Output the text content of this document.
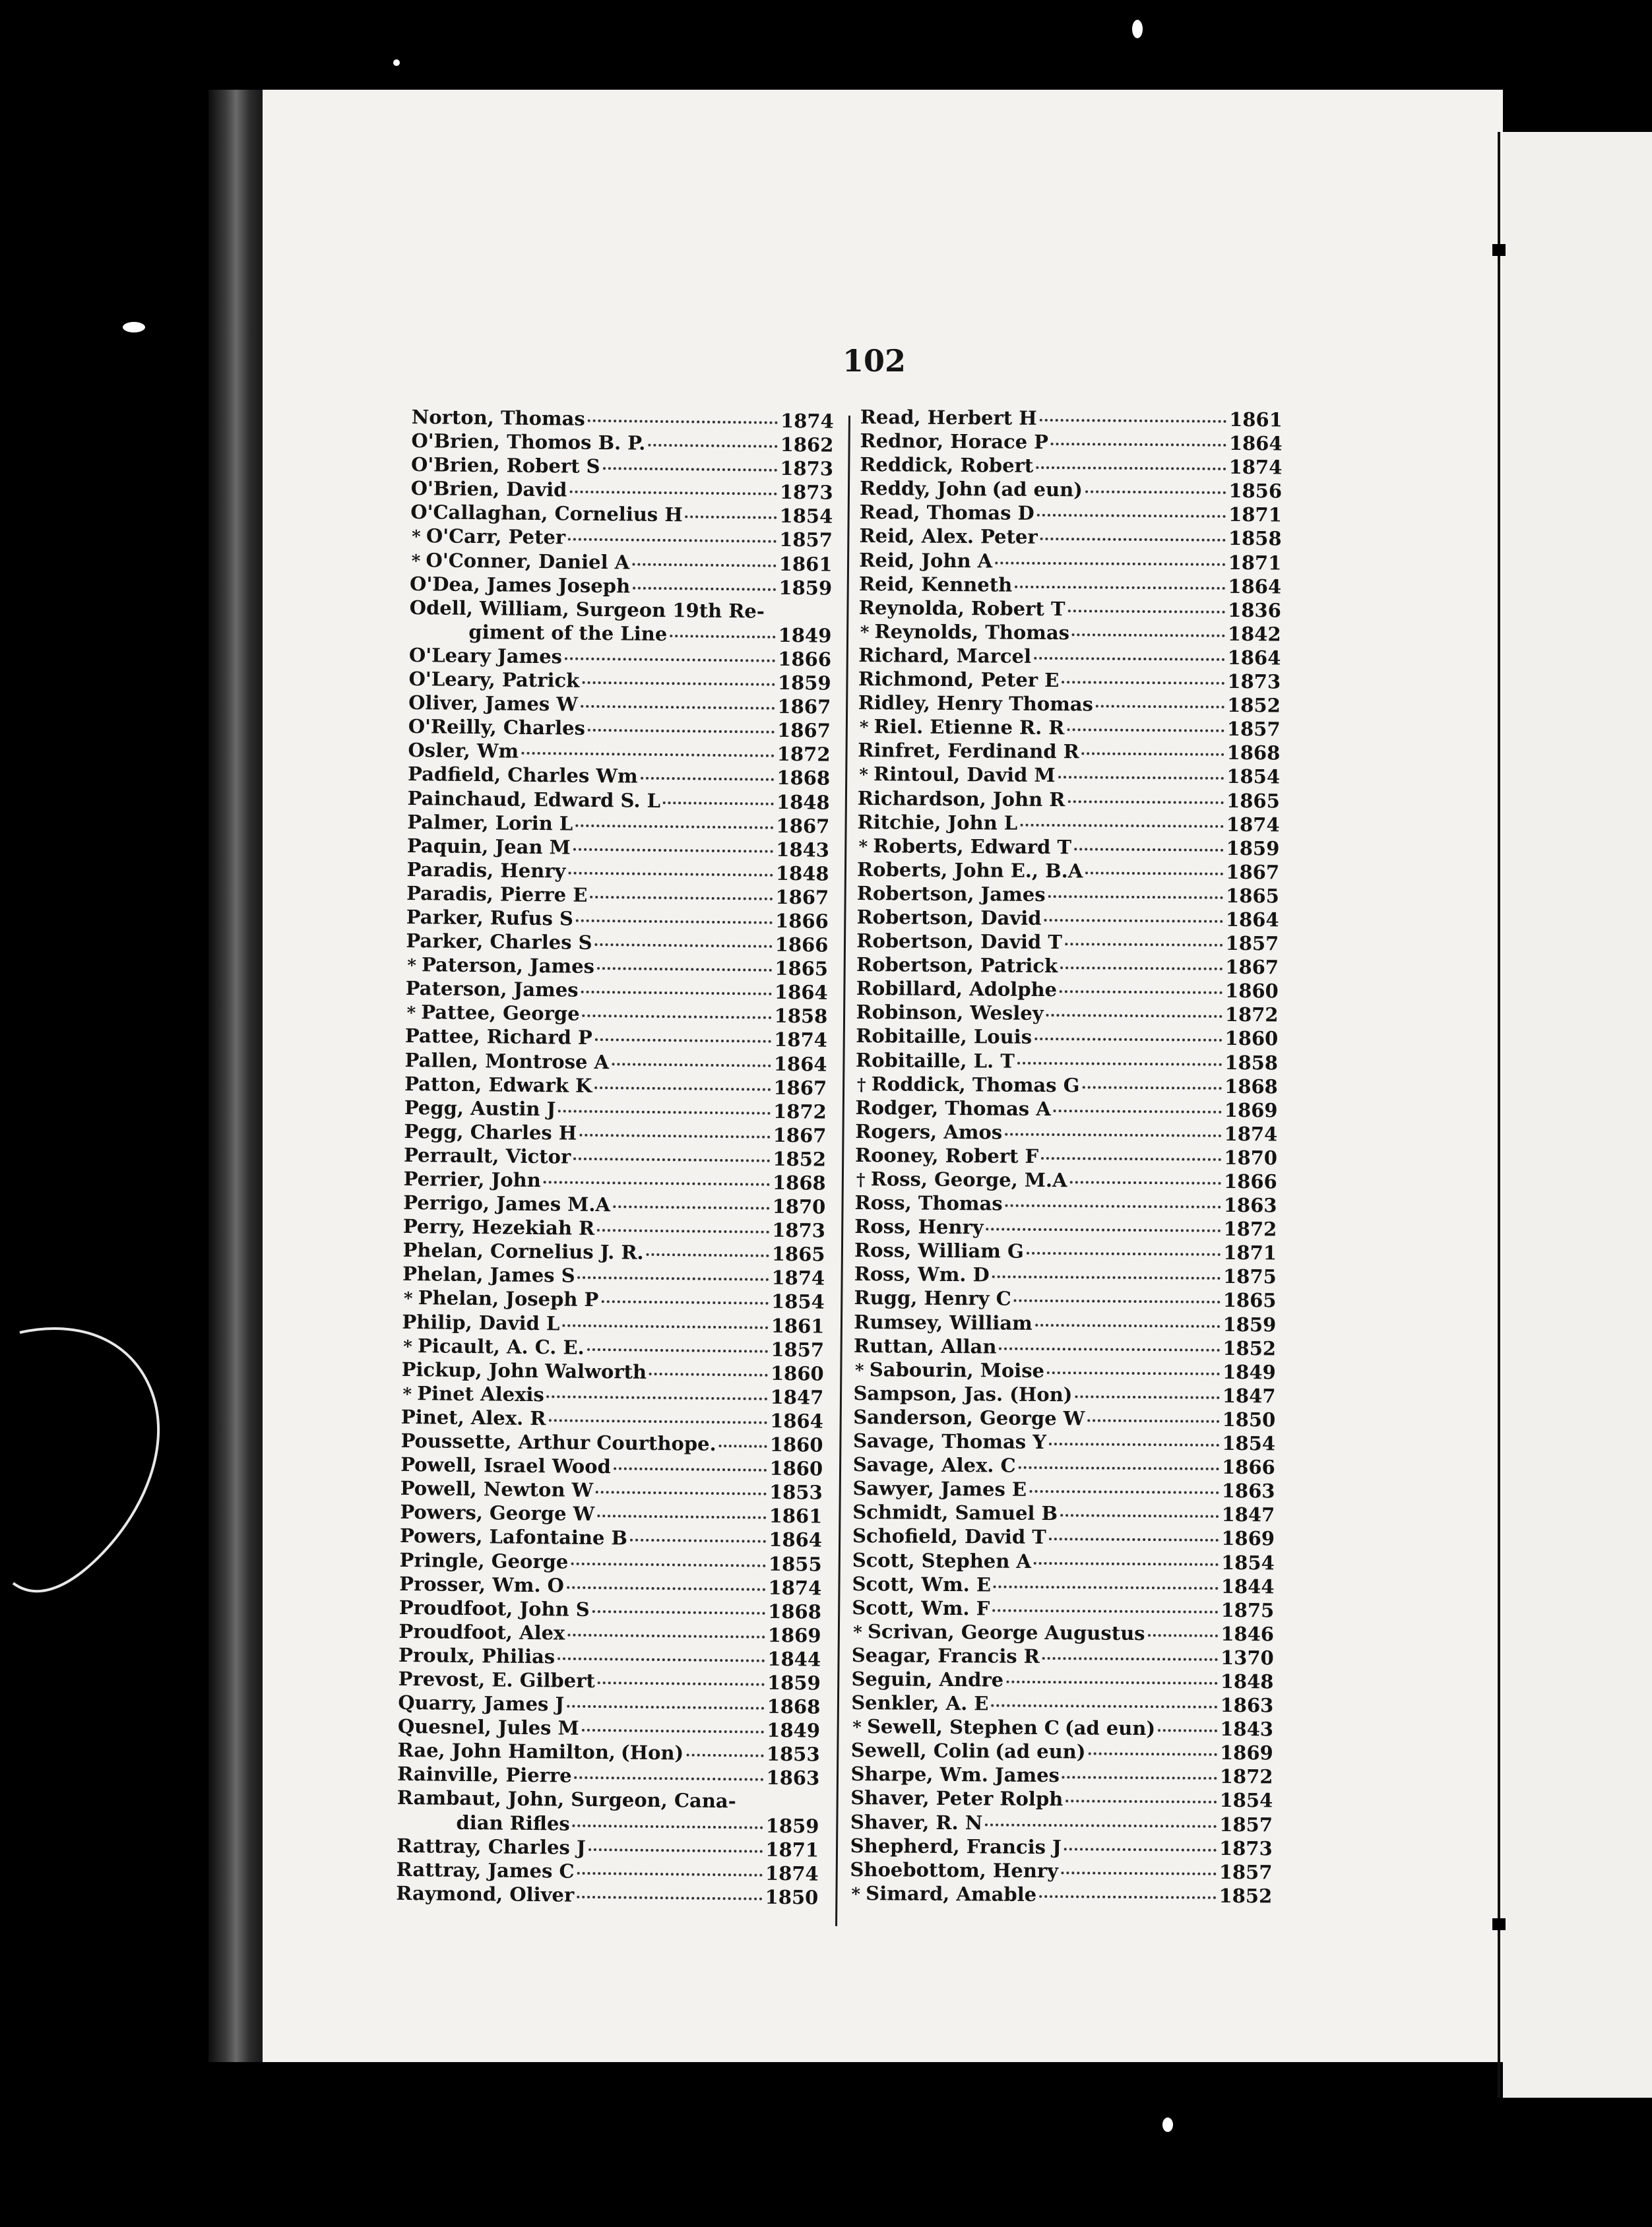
102
Norton, Thomas	1874
O'Brien, Thomos B. P.	1862
O'Brien, Robert S	1873
O'Brien, David	1873
O'Callaghan, Cornelius H	1854
* O'Carr, Peter	1857
* O'Conner, Daniel A	1861
O'Dea, James Joseph	1859
Odell, William, Surgeon 19th Re-
giment of the Line	1849
O'Leary James	1866
O'Leary, Patrick	1859
Oliver, James W	1867
O'Reilly, Charles	1867
Osler, Wm	1872
Padfield, Charles Wm	1868
Painchaud, Edward S. L	1848
Palmer, Lorin L	1867
Paquin, Jean M	1843
Paradis, Henry	1848
Paradis, Pierre E	1867
Parker, Rufus S	1866
Parker, Charles S	1866
* Paterson, James	1865
Paterson, James	1864
* Pattee, George	1858
Pattee, Richard P	1874
Pallen, Montrose A	1864
Patton, Edwark K	1867
Pegg, Austin J	1872
Pegg, Charles H	1867
Perrault, Victor	1852
Perrier, John	1868
Perrigo, James M.A	1870
Perry, Hezekiah R	1873
Phelan, Cornelius J. R.	1865
Phelan, James S	1874
* Phelan, Joseph P	1854
Philip, David L	1861
* Picault, A. C. E.	1857
Pickup, John Walworth	1860
* Pinet Alexis	1847
Pinet, Alex. R	1864
Poussette, Arthur Courthope.	1860
Powell, Israel Wood	1860
Powell, Newton W	1853
Powers, George W	1861
Powers, Lafontaine B	1864
Pringle, George	1855
Prosser, Wm. O	1874
Proudfoot, John S	1868
Proudfoot, Alex	1869
Proulx, Philias	1844
Prevost, E. Gilbert	1859
Quarry, James J	1868
Quesnel, Jules M	1849
Rae, John Hamilton, (Hon)	1853
Rainville, Pierre	1863
Rambaut, John, Surgeon, Cana-
dian Rifles	1859
Rattray, Charles J	1871
Rattray, James C	1874
Raymond, Oliver	1850
Read, Herbert H	1861
Rednor, Horace P	1864
Reddick, Robert	1874
Reddy, John (ad eun)	1856
Read, Thomas D	1871
Reid, Alex. Peter	1858
Reid, John A	1871
Reid, Kenneth	1864
Reynolda, Robert T	1836
* Reynolds, Thomas	1842
Richard, Marcel	1864
Richmond, Peter E	1873
Ridley, Henry Thomas	1852
* Riel. Etienne R. R	1857
Rinfret, Ferdinand R	1868
* Rintoul, David M	1854
Richardson, John R	1865
Ritchie, John L	1874
* Roberts, Edward T	1859
Roberts, John E., B.A	1867
Robertson, James	1865
Robertson, David	1864
Robertson, David T	1857
Robertson, Patrick	1867
Robillard, Adolphe	1860
Robinson, Wesley	1872
Robitaille, Louis	1860
Robitaille, L. T	1858
† Roddick, Thomas G	1868
Rodger, Thomas A	1869
Rogers, Amos	1874
Rooney, Robert F	1870
† Ross, George, M.A	1866
Ross, Thomas	1863
Ross, Henry	1872
Ross, William G	1871
Ross, Wm. D	1875
Rugg, Henry C	1865
Rumsey, William	1859
Ruttan, Allan	1852
* Sabourin, Moise	1849
Sampson, Jas. (Hon)	1847
Sanderson, George W	1850
Savage, Thomas Y	1854
Savage, Alex. C	1866
Sawyer, James E	1863
Schmidt, Samuel B	1847
Schofield, David T	1869
Scott, Stephen A	1854
Scott, Wm. E	1844
Scott, Wm. F	1875
* Scrivan, George Augustus	1846
Seagar, Francis R	1370
Seguin, Andre	1848
Senkler, A. E	1863
* Sewell, Stephen C (ad eun)	1843
Sewell, Colin (ad eun)	1869
Sharpe, Wm. James	1872
Shaver, Peter Rolph	1854
Shaver, R. N	1857
Shepherd, Francis J	1873
Shoebottom, Henry	1857
* Simard, Amable	1852
